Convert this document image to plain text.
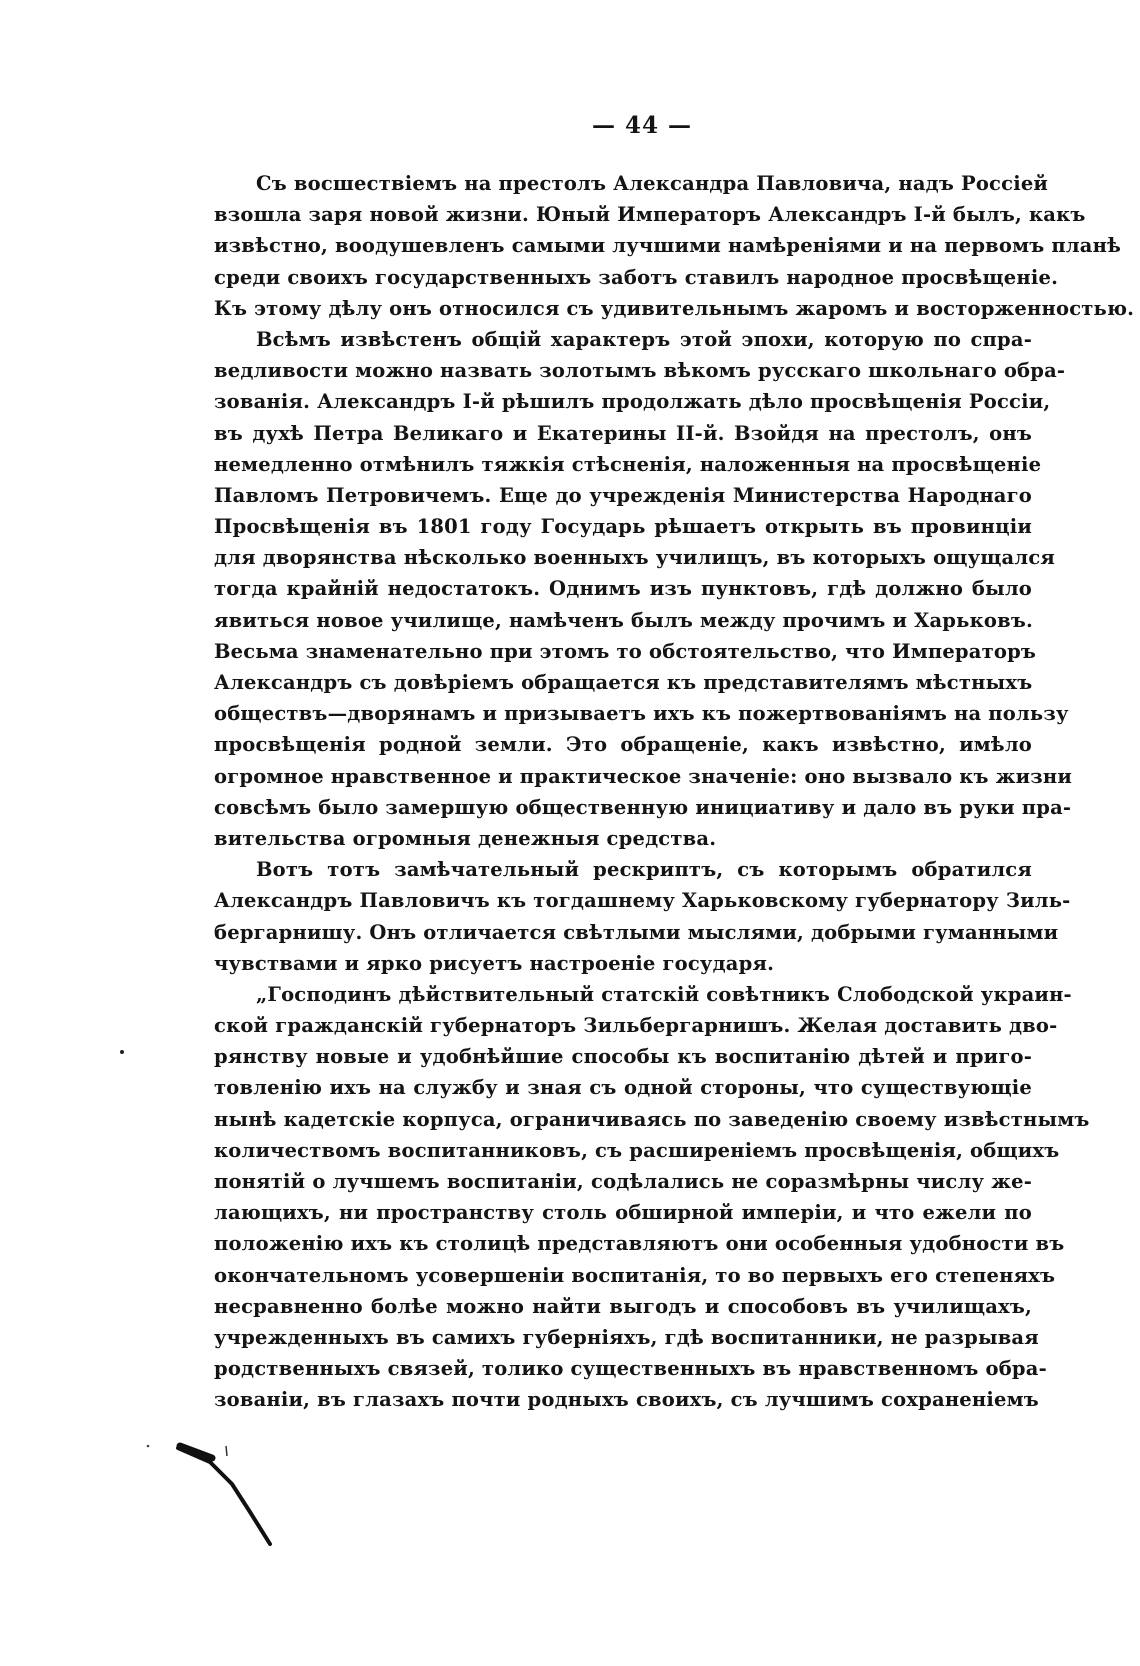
— 44 —
Съ восшествіемъ на престолъ Александра Павловича, надъ Россіей
взошла заря новой жизни. Юный Императоръ Александръ I-й былъ, какъ
извѣстно, воодушевленъ самыми лучшими намѣреніями и на первомъ планѣ
среди своихъ государственныхъ заботъ ставилъ народное просвѣщеніе.
Къ этому дѣлу онъ относился съ удивительнымъ жаромъ и восторженностью.
Всѣмъ извѣстенъ общій характеръ этой эпохи, которую по спра-
ведливости можно назвать золотымъ вѣкомъ русскаго школьнаго обра-
зованія. Александръ I-й рѣшилъ продолжать дѣло просвѣщенія Россіи,
въ духѣ Петра Великаго и Екатерины II-й. Взойдя на престолъ, онъ
немедленно отмѣнилъ тяжкія стѣсненія, наложенныя на просвѣщеніе
Павломъ Петровичемъ. Еще до учрежденія Министерства Народнаго
Просвѣщенія въ 1801 году Государь рѣшаетъ открыть въ провинціи
для дворянства нѣсколько военныхъ училищъ, въ которыхъ ощущался
тогда крайній недостатокъ. Однимъ изъ пунктовъ, гдѣ должно было
явиться новое училище, намѣченъ былъ между прочимъ и Харьковъ.
Весьма знаменательно при этомъ то обстоятельство, что Императоръ
Александръ съ довѣріемъ обращается къ представителямъ мѣстныхъ
обществъ—дворянамъ и призываетъ ихъ къ пожертвованіямъ на пользу
просвѣщенія родной земли. Это обращеніе, какъ извѣстно, имѣло
огромное нравственное и практическое значеніе: оно вызвало къ жизни
совсѣмъ было замершую общественную инициативу и дало въ руки пра-
вительства огромныя денежныя средства.
Вотъ тотъ замѣчательный рескриптъ, съ которымъ обратился
Александръ Павловичъ къ тогдашнему Харьковскому губернатору Зиль-
бергарнишу. Онъ отличается свѣтлыми мыслями, добрыми гуманными
чувствами и ярко рисуетъ настроеніе государя.
„Господинъ дѣйствительный статскій совѣтникъ Слободской украин-
ской гражданскій губернаторъ Зильбергарнишъ. Желая доставить дво-
рянству новые и удобнѣйшие способы къ воспитанію дѣтей и приго-
товленію ихъ на службу и зная съ одной стороны, что существующіе
нынѣ кадетскіе корпуса, ограничиваясь по заведенію своему извѣстнымъ
количествомъ воспитанниковъ, съ расширеніемъ просвѣщенія, общихъ
понятій о лучшемъ воспитаніи, содѣлались не соразмѣрны числу же-
лающихъ, ни пространству столь обширной имперіи, и что ежели по
положенію ихъ къ столицѣ представляютъ они особенныя удобности въ
окончательномъ усовершеніи воспитанія, то во первыхъ его степеняхъ
несравненно болѣе можно найти выгодъ и способовъ въ училищахъ,
учрежденныхъ въ самихъ губерніяхъ, гдѣ воспитанники, не разрывая
родственныхъ связей, толико существенныхъ въ нравственномъ обра-
зованіи, въ глазахъ почти родныхъ своихъ, съ лучшимъ сохраненіемъ
